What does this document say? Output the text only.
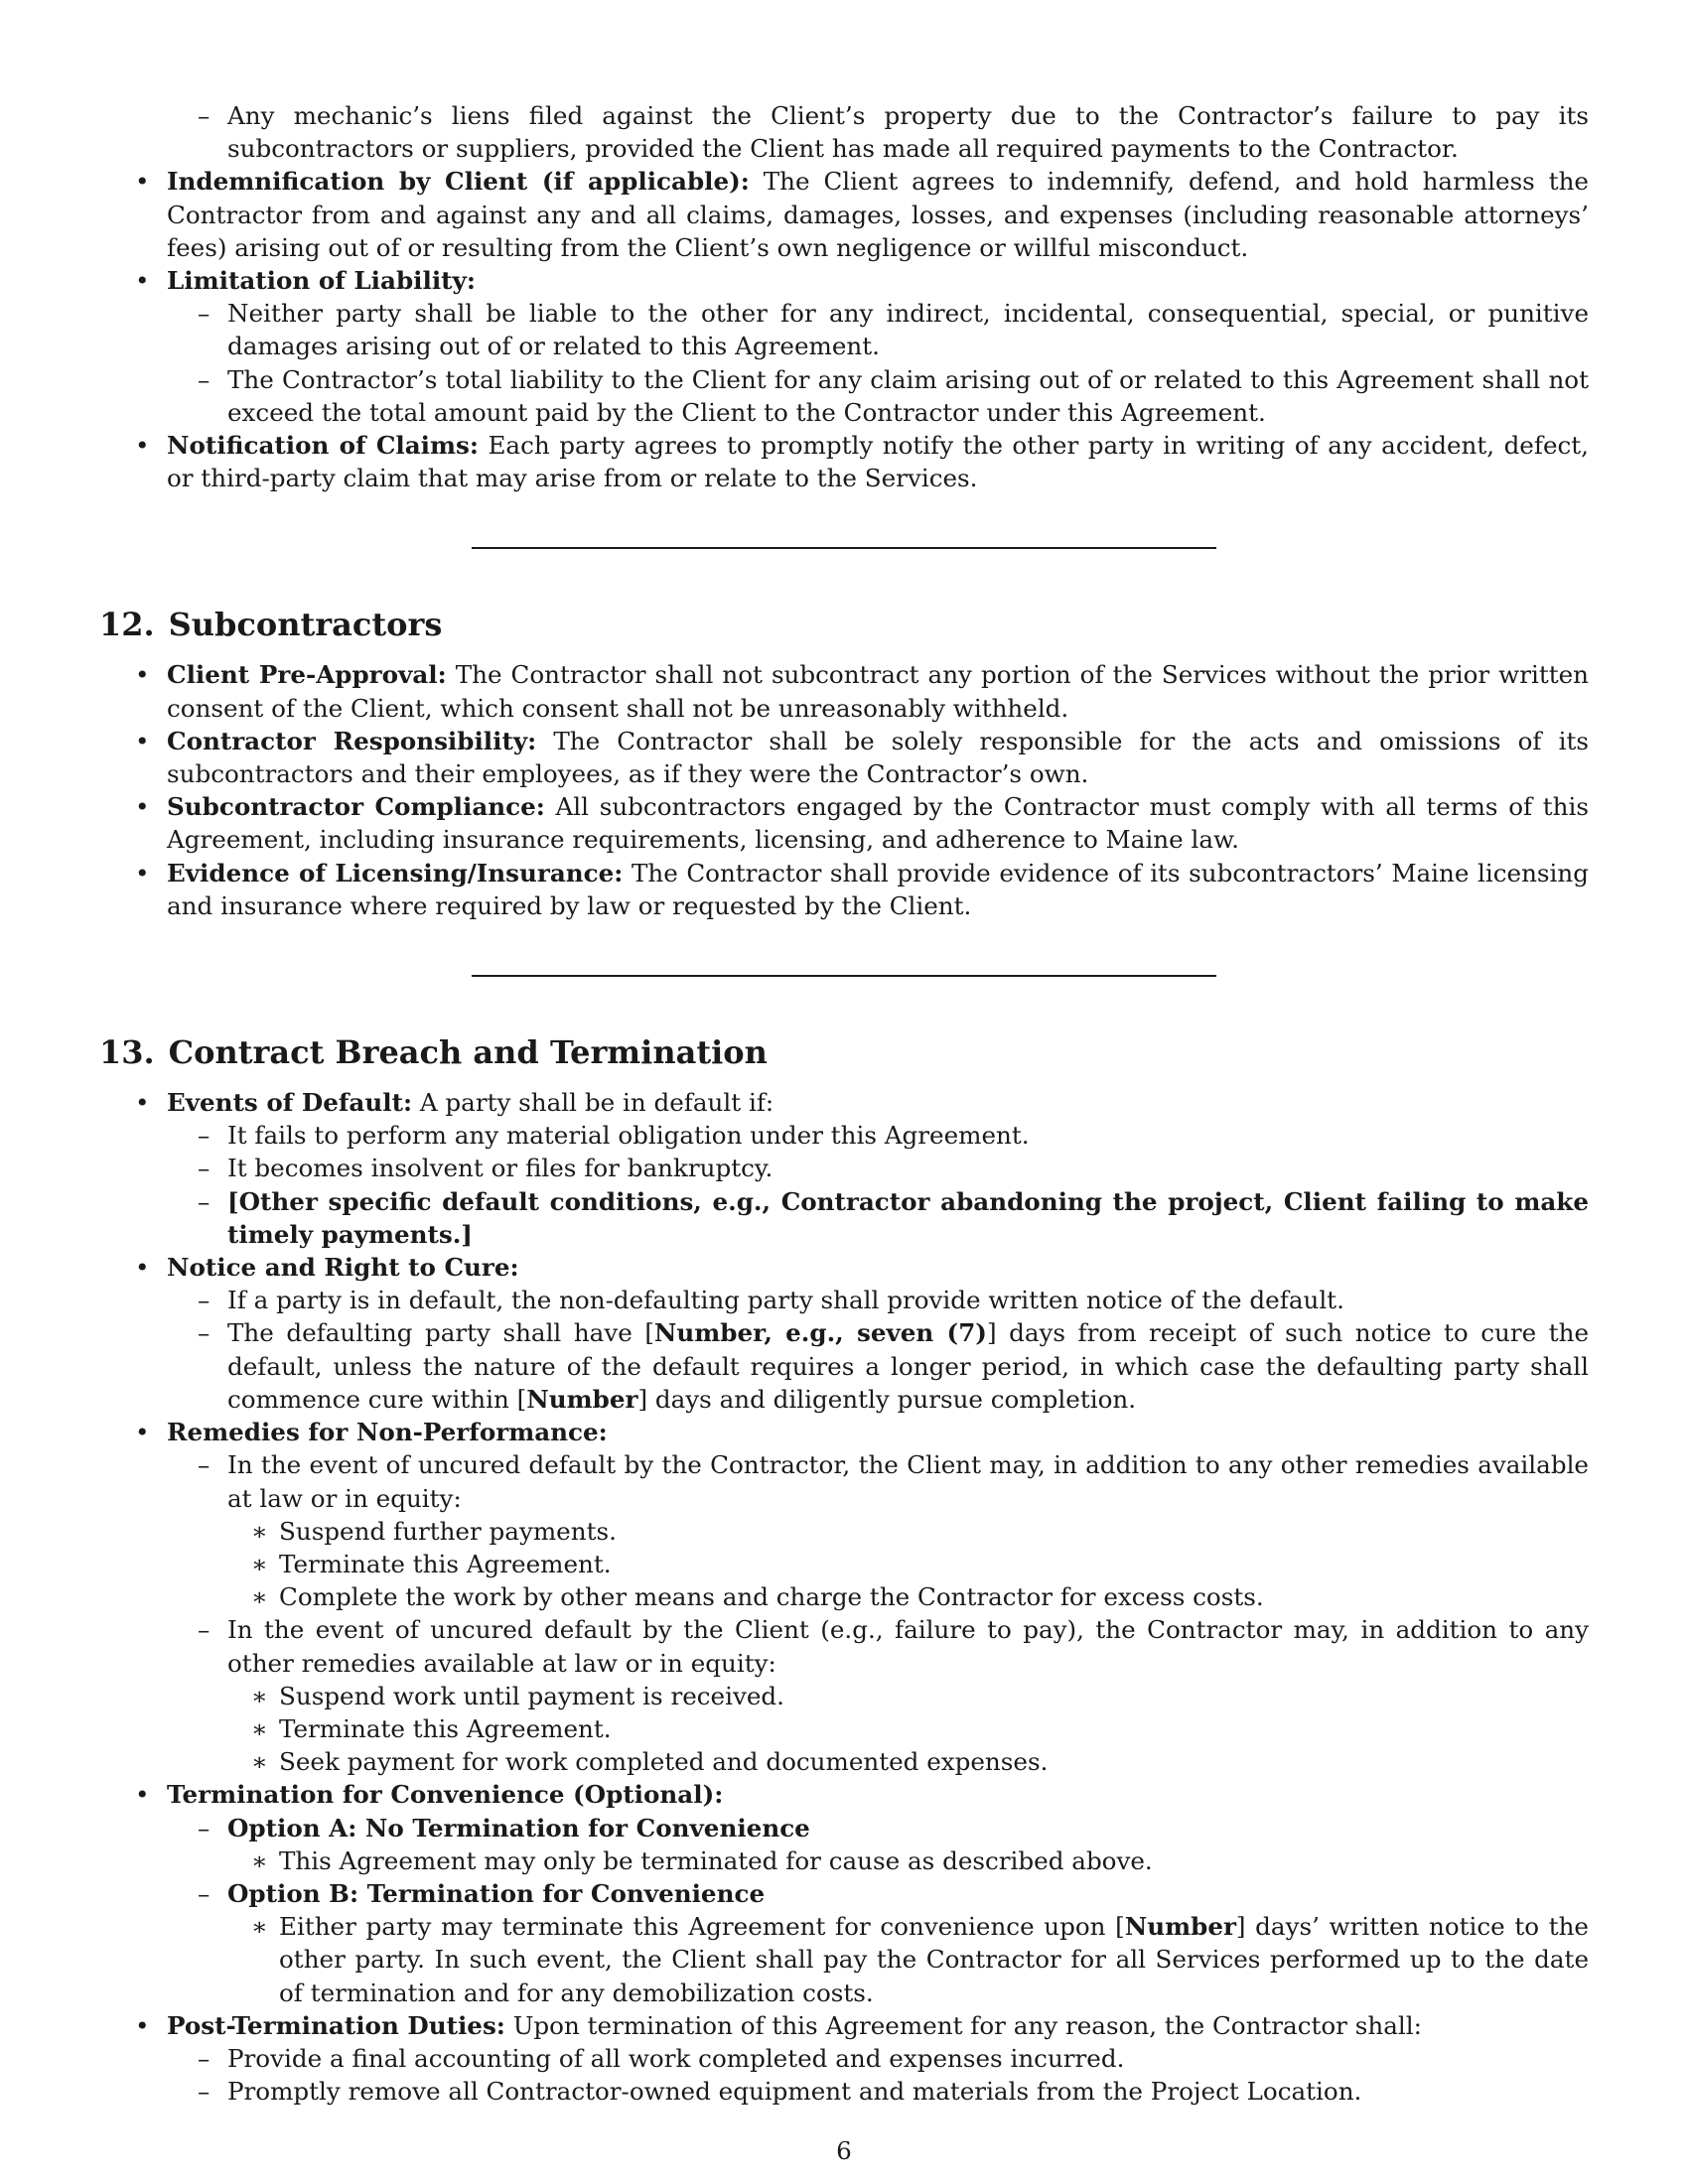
– Any mechanic’s liens filed against the Client’s property due to the Contractor’s failure to pay its subcontractors or suppliers, provided the Client has made all required payments to the Contractor.
• Indemnification by Client (if applicable): The Client agrees to indemnify, defend, and hold harmless the Contractor from and against any and all claims, damages, losses, and expenses (including reasonable attorneys’ fees) arising out of or resulting from the Client’s own negligence or willful misconduct.
• Limitation of Liability:
– Neither party shall be liable to the other for any indirect, incidental, consequential, special, or punitive damages arising out of or related to this Agreement.
– The Contractor’s total liability to the Client for any claim arising out of or related to this Agreement shall not exceed the total amount paid by the Client to the Contractor under this Agreement.
• Notification of Claims: Each party agrees to promptly notify the other party in writing of any accident, defect, or third-party claim that may arise from or relate to the Services.
12. Subcontractors
• Client Pre-Approval: The Contractor shall not subcontract any portion of the Services without the prior written consent of the Client, which consent shall not be unreasonably withheld.
• Contractor Responsibility: The Contractor shall be solely responsible for the acts and omissions of its subcontractors and their employees, as if they were the Contractor’s own.
• Subcontractor Compliance: All subcontractors engaged by the Contractor must comply with all terms of this Agreement, including insurance requirements, licensing, and adherence to Maine law.
• Evidence of Licensing/Insurance: The Contractor shall provide evidence of its subcontractors’ Maine licensing and insurance where required by law or requested by the Client.
13. Contract Breach and Termination
• Events of Default: A party shall be in default if:
– It fails to perform any material obligation under this Agreement.
– It becomes insolvent or files for bankruptcy.
– [Other specific default conditions, e.g., Contractor abandoning the project, Client failing to make timely payments.]
• Notice and Right to Cure:
– If a party is in default, the non-defaulting party shall provide written notice of the default.
– The defaulting party shall have [Number, e.g., seven (7)] days from receipt of such notice to cure the default, unless the nature of the default requires a longer period, in which case the defaulting party shall commence cure within [Number] days and diligently pursue completion.
• Remedies for Non-Performance:
– In the event of uncured default by the Contractor, the Client may, in addition to any other remedies available at law or in equity:
∗ Suspend further payments.
∗ Terminate this Agreement.
∗ Complete the work by other means and charge the Contractor for excess costs.
– In the event of uncured default by the Client (e.g., failure to pay), the Contractor may, in addition to any other remedies available at law or in equity:
∗ Suspend work until payment is received.
∗ Terminate this Agreement.
∗ Seek payment for work completed and documented expenses.
• Termination for Convenience (Optional):
– Option A: No Termination for Convenience
∗ This Agreement may only be terminated for cause as described above.
– Option B: Termination for Convenience
∗ Either party may terminate this Agreement for convenience upon [Number] days’ written notice to the other party. In such event, the Client shall pay the Contractor for all Services performed up to the date of termination and for any demobilization costs.
• Post-Termination Duties: Upon termination of this Agreement for any reason, the Contractor shall:
– Provide a final accounting of all work completed and expenses incurred.
– Promptly remove all Contractor-owned equipment and materials from the Project Location.
6
